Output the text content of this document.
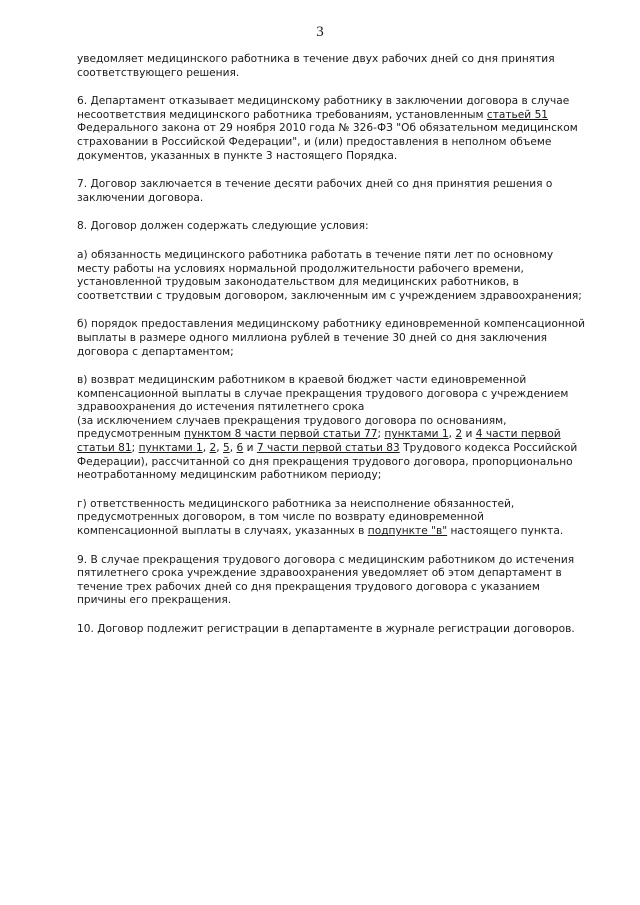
3

уведомляет медицинского работника в течение двух рабочих дней со дня принятия соответствующего решения.

6. Департамент отказывает медицинскому работнику в заключении договора в случае несоответствия медицинского работника требованиям, установленным статьей 51 Федерального закона от 29 ноября 2010 года № 326-ФЗ "Об обязательном медицинском страховании в Российской Федерации", и (или) предоставления в неполном объеме документов, указанных в пункте 3 настоящего Порядка.

7. Договор заключается в течение десяти рабочих дней со дня принятия решения о заключении договора.

8. Договор должен содержать следующие условия:

а) обязанность медицинского работника работать в течение пяти лет по основному месту работы на условиях нормальной продолжительности рабочего времени, установленной трудовым законодательством для медицинских работников, в соответствии с трудовым договором, заключенным им с учреждением здравоохранения;

б) порядок предоставления медицинскому работнику единовременной компенсационной выплаты в размере одного миллиона рублей в течение 30 дней со дня заключения договора с департаментом;

в) возврат медицинским работником в краевой бюджет части единовременной компенсационной выплаты в случае прекращения трудового договора с учреждением здравоохранения до истечения пятилетнего срока
(за исключением случаев прекращения трудового договора по основаниям, предусмотренным пунктом 8 части первой статьи 77; пунктами 1, 2 и 4 части первой статьи 81; пунктами 1, 2, 5, 6 и 7 части первой статьи 83 Трудового кодекса Российской Федерации), рассчитанной со дня прекращения трудового договора, пропорционально неотработанному медицинским работником периоду;

г) ответственность медицинского работника за неисполнение обязанностей, предусмотренных договором, в том числе по возврату единовременной компенсационной выплаты в случаях, указанных в подпункте "в" настоящего пункта.

9. В случае прекращения трудового договора с медицинским работником до истечения пятилетнего срока учреждение здравоохранения уведомляет об этом департамент в течение трех рабочих дней со дня прекращения трудового договора с указанием причины его прекращения.

10. Договор подлежит регистрации в департаменте в журнале регистрации договоров.
